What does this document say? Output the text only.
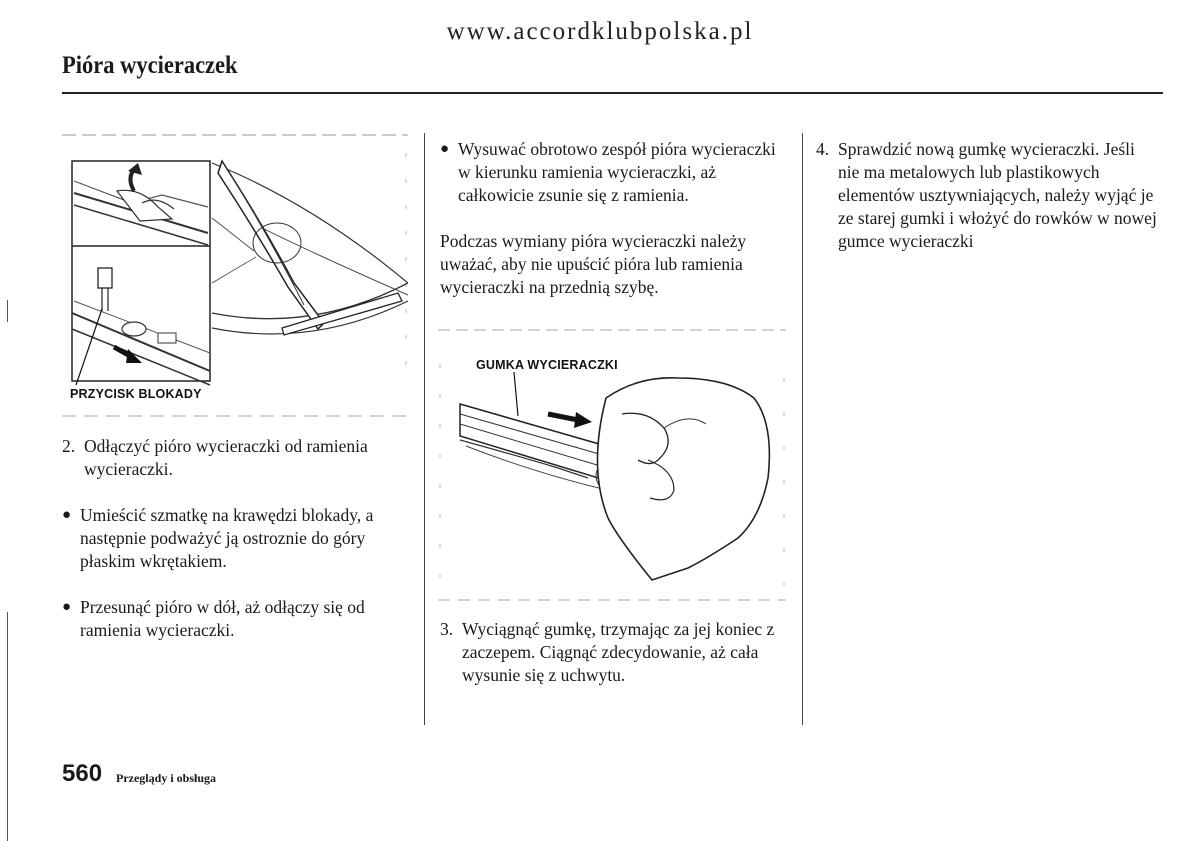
www.accordklubpolska.pl
Pióra wycieraczek
PRZYCISK BLOKADY
2. Odłączyć pióro wycieraczki od ramienia wycieraczki.
● Umieścić szmatkę na krawędzi blokady, a następnie podważyć ją ostroznie do góry płaskim wkrętakiem.
● Przesunąć pióro w dół, aż odłączy się od ramienia wycieraczki.
● Wysuwać obrotowo zespół pióra wycieraczki w kierunku ramienia wycieraczki, aż całkowicie zsunie się z ramienia.
Podczas wymiany pióra wycieraczki należy uważać, aby nie upuścić pióra lub ramienia wycieraczki na przednią szybę.
GUMKA WYCIERACZKI
3. Wyciągnąć gumkę, trzymając za jej koniec z zaczepem. Ciągnąć zdecydowanie, aż cała wysunie się z uchwytu.
4. Sprawdzić nową gumkę wycieraczki. Jeśli nie ma metalowych lub plastikowych elementów usztywniających, należy wyjąć je ze starej gumki i włożyć do rowków w nowej gumce wycieraczki
560 Przeglądy i obsługa
